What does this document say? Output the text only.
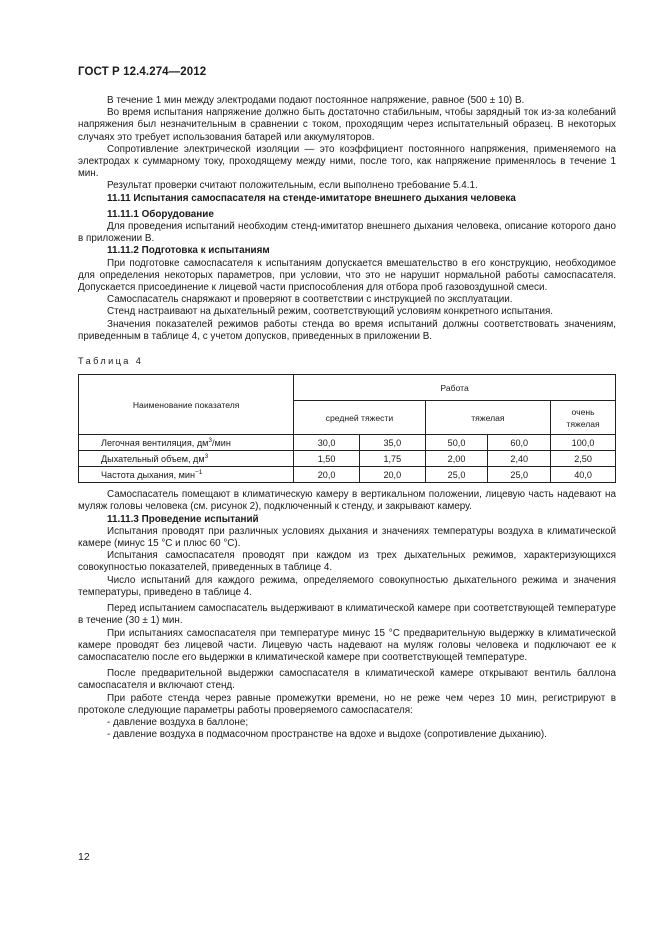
ГОСТ Р 12.4.274—2012

В течение 1 мин между электродами подают постоянное напряжение, равное (500 ± 10) В.

Во время испытания напряжение должно быть достаточно стабильным, чтобы зарядный ток из-за колебаний напряжения был незначительным в сравнении с током, проходящим через испытательный образец. В некоторых случаях это требует использования батарей или аккумуляторов.

Сопротивление электрической изоляции — это коэффициент постоянного напряжения, применяемого на электродах к суммарному току, проходящему между ними, после того, как напряжение применялось в течение 1 мин.

Результат проверки считают положительным, если выполнено требование 5.4.1.

11.11 Испытания самоспасателя на стенде-имитаторе внешнего дыхания человека

11.11.1 Оборудование

Для проведения испытаний необходим стенд-имитатор внешнего дыхания человека, описание которого дано в приложении В.

11.11.2 Подготовка к испытаниям

При подготовке самоспасателя к испытаниям допускается вмешательство в его конструкцию, необходимое для определения некоторых параметров, при условии, что это не нарушит нормальной работы самоспасателя. Допускается присоединение к лицевой части приспособления для отбора проб газовоздушной смеси.

Самоспасатель снаряжают и проверяют в соответствии с инструкцией по эксплуатации.

Стенд настраивают на дыхательный режим, соответствующий условиям конкретного испытания.

Значения показателей режимов работы стенда во время испытаний должны соответствовать значениям, приведенным в таблице 4, с учетом допусков, приведенных в приложении В.

Таблица 4

Наименование показателя	Работа				
	средней тяжести		тяжелая		очень
тяжелая
Легочная вентиляция, $дм^3$/мин	30,0	35,0	50,0	60,0	100,0
Дыхательный объем, $дм^3$	1,50	1,75	2,00	2,40	2,50
Частота дыхания, мин$^{-1}$	20,0	20,0	25,0	25,0	40,0

Самоспасатель помещают в климатическую камеру в вертикальном положении, лицевую часть надевают на муляж головы человека (см. рисунок 2), подключенный к стенду, и закрывают камеру.

11.11.3 Проведение испытаний

Испытания проводят при различных условиях дыхания и значениях температуры воздуха в климатической камере (минус 15 °С и плюс 60 °С).

Испытания самоспасателя проводят при каждом из трех дыхательных режимов, характеризующихся совокупностью показателей, приведенных в таблице 4.

Число испытаний для каждого режима, определяемого совокупностью дыхательного режима и значения температуры, приведено в таблице 4.

Перед испытанием самоспасатель выдерживают в климатической камере при соответствующей температуре в течение (30 ± 1) мин.

При испытаниях самоспасателя при температуре минус 15 °С предварительную выдержку в климатической камере проводят без лицевой части. Лицевую часть надевают на муляж головы человека и подключают ее к самоспасателю после его выдержки в климатической камере при соответствующей температуре.

После предварительной выдержки самоспасателя в климатической камере открывают вентиль баллона самоспасателя и включают стенд.

При работе стенда через равные промежутки времени, но не реже чем через 10 мин, регистрируют в протоколе следующие параметры работы проверяемого самоспасателя:

- давление воздуха в баллоне;

- давление воздуха в подмасочном пространстве на вдохе и выдохе (сопротивление дыханию).

12
